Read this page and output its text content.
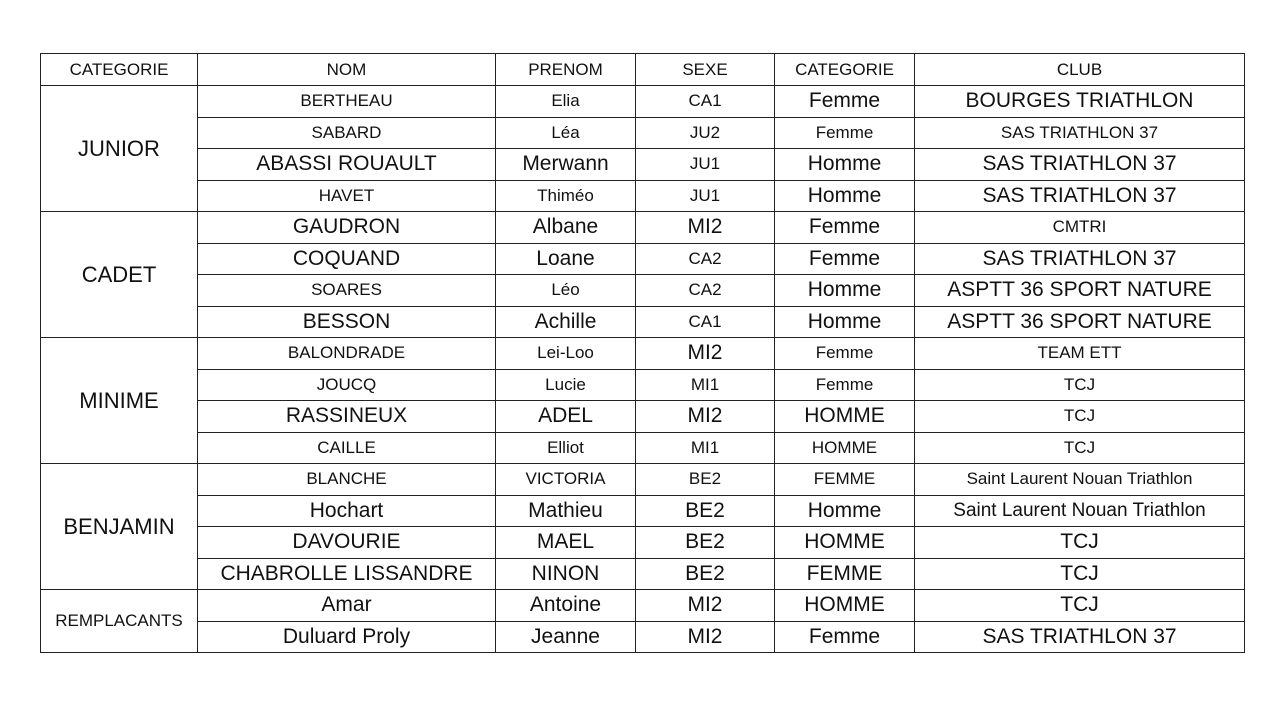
CATEGORIE	NOM	PRENOM	SEXE	CATEGORIE	CLUB
JUNIOR	BERTHEAU	Elia	CA1	Femme	BOURGES TRIATHLON
	SABARD	Léa	JU2	Femme	SAS TRIATHLON 37
	ABASSI ROUAULT	Merwann	JU1	Homme	SAS TRIATHLON 37
	HAVET	Thiméo	JU1	Homme	SAS TRIATHLON 37
CADET	GAUDRON	Albane	MI2	Femme	CMTRI
	COQUAND	Loane	CA2	Femme	SAS TRIATHLON 37
	SOARES	Léo	CA2	Homme	ASPTT 36 SPORT NATURE
	BESSON	Achille	CA1	Homme	ASPTT 36 SPORT NATURE
MINIME	BALONDRADE	Lei-Loo	MI2	Femme	TEAM ETT
	JOUCQ	Lucie	MI1	Femme	TCJ
	RASSINEUX	ADEL	MI2	HOMME	TCJ
	CAILLE	Elliot	MI1	HOMME	TCJ
BENJAMIN	BLANCHE	VICTORIA	BE2	FEMME	Saint Laurent Nouan Triathlon
	Hochart	Mathieu	BE2	Homme	Saint Laurent Nouan Triathlon
	DAVOURIE	MAEL	BE2	HOMME	TCJ
	CHABROLLE LISSANDRE	NINON	BE2	FEMME	TCJ
REMPLACANTS	Amar	Antoine	MI2	HOMME	TCJ
	Duluard Proly	Jeanne	MI2	Femme	SAS TRIATHLON 37
